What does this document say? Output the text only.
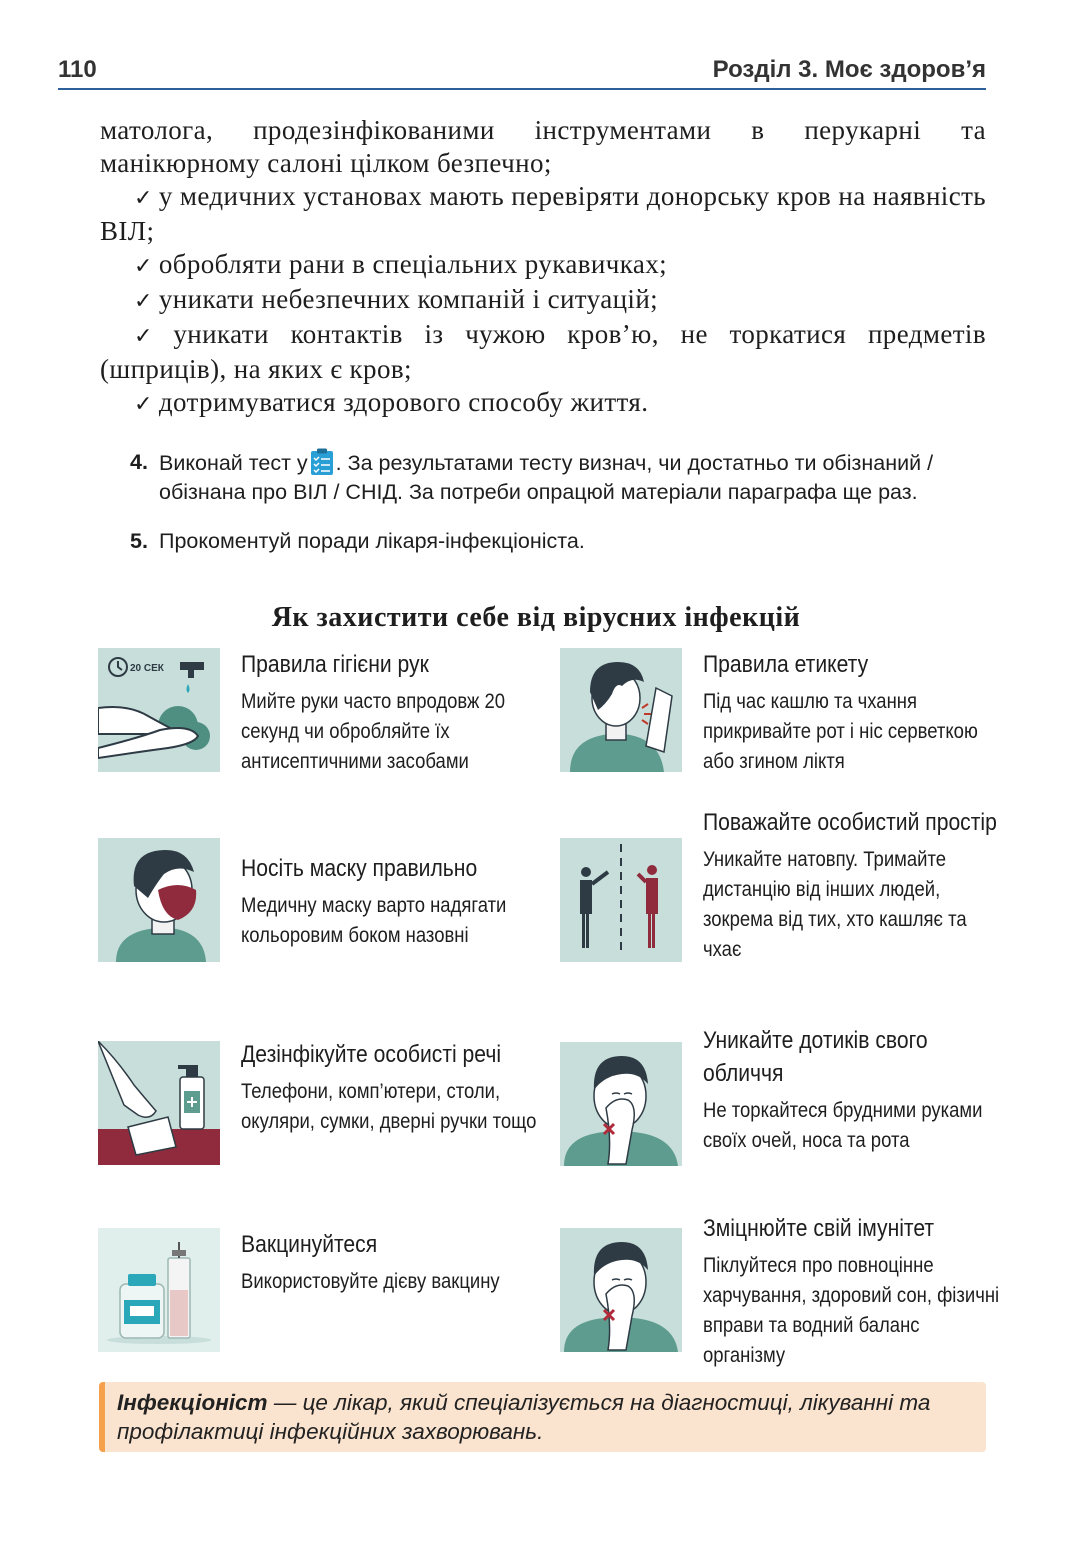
110	Розділ 3. Моє здоров’я

матолога, продезінфікованими інструментами в перукарні та манікюрному салоні цілком безпечно;

✓ у медичних установах мають перевіряти донорську кров на наявність ВІЛ;

✓ обробляти рани в спеціальних рукавичках;

✓ уникати небезпечних компаній і ситуацій;

✓ уникати контактів із чужою кров’ю, не торкатися предметів (шприців), на яких є кров;

✓ дотримуватися здорового способу життя.

4. Виконай тест у . За результатами тесту визнач, чи достатньо ти обізнаний / обізнана про ВІЛ / СНІД. За потреби опрацюй матеріали параграфа ще раз.

5. Прокоментуй поради лікаря-інфекціоніста.

Як захистити себе від вірусних інфекцій
20 СЕК	Правила гігієни рук
Мийте руки часто впродовж 20 секунд чи обробляйте їх антисептичними засобами
Правила етикету
Під час кашлю та чхання прикривайте рот і ніс серветкою або згином ліктя
Носіть маску правильно
Медичну маску варто надягати кольоровим боком назовні
Поважайте особистий простір
Уникайте натовпу. Тримайте дистанцію від інших людей, зокрема від тих, хто кашляє та чхає
Дезінфікуйте особисті речі
Телефони, комп’ютери, столи, окуляри, сумки, дверні ручки тощо
Уникайте дотиків свого обличчя
Не торкайтеся брудними руками своїх очей, носа та рота
Вакцинуйтеся
Використовуйте дієву вакцину
Зміцнюйте свій імунітет
Піклуйтеся про повноцінне харчування, здоровий сон, фізичні вправи та водний баланс організму
Інфекціоніст — це лікар, який спеціалізується на діагностиці, лікуванні та профілактиці інфекційних захворювань.
